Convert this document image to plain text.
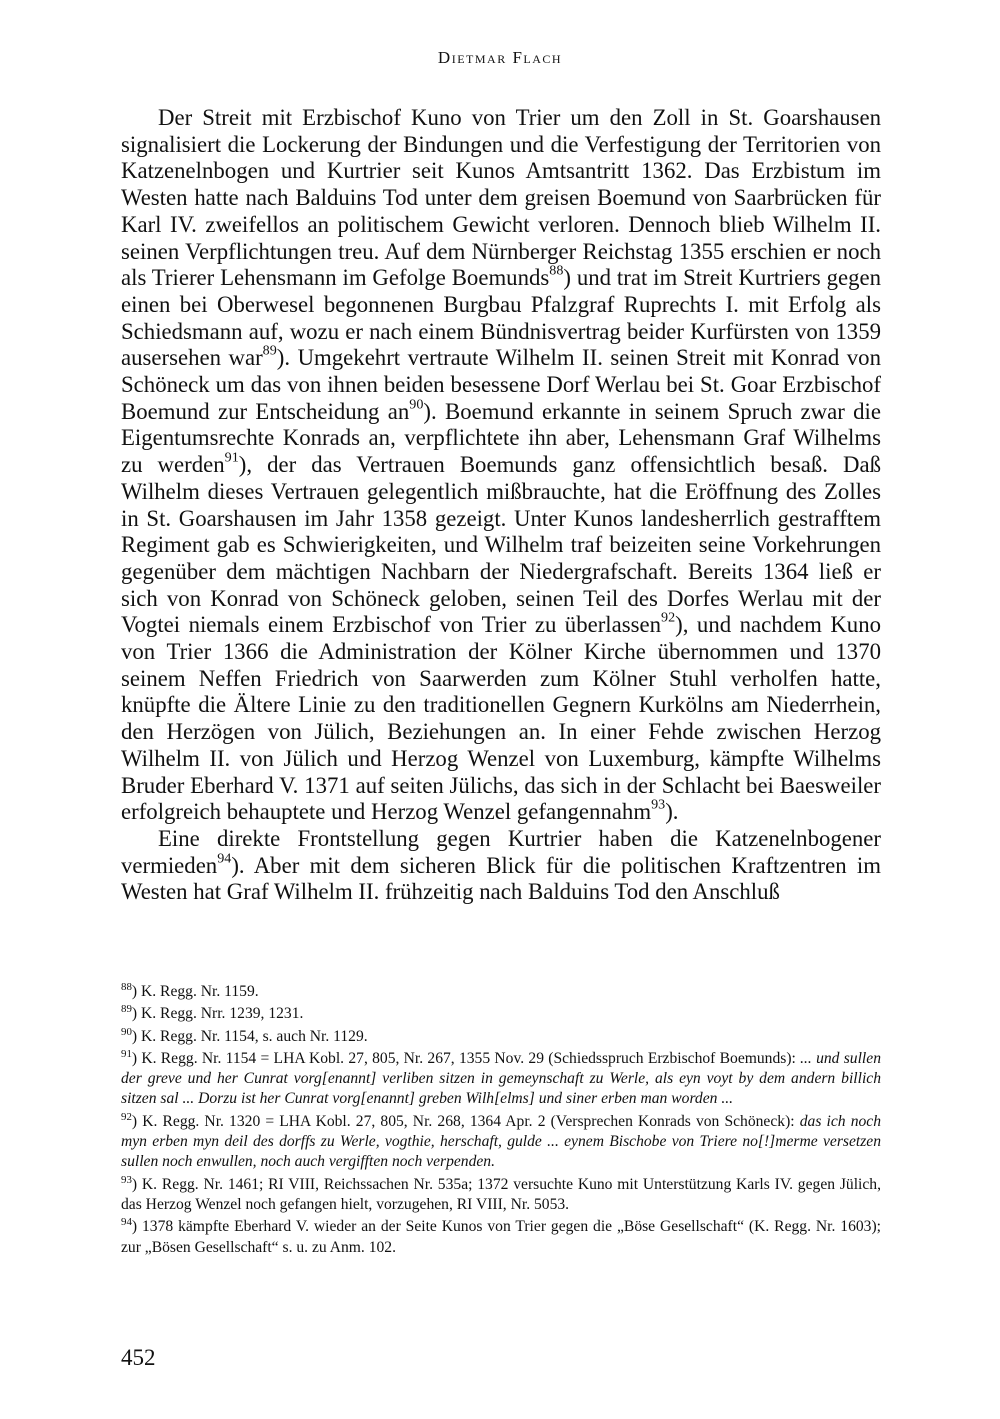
Dietmar Flach

Der Streit mit Erzbischof Kuno von Trier um den Zoll in St. Goarshausen signalisiert die Lockerung der Bindungen und die Verfestigung der Territorien von Katzenelnbogen und Kurtrier seit Kunos Amtsantritt 1362. Das Erzbistum im Westen hatte nach Balduins Tod unter dem greisen Boemund von Saarbrücken für Karl IV. zweifellos an politischem Gewicht verloren. Dennoch blieb Wilhelm II. seinen Verpflichtungen treu. Auf dem Nürnberger Reichstag 1355 erschien er noch als Trierer Lehensmann im Gefolge Boemunds$^{88}$) und trat im Streit Kurtriers gegen einen bei Oberwesel begonnenen Burgbau Pfalzgraf Ruprechts I. mit Erfolg als Schiedsmann auf, wozu er nach einem Bündnisvertrag beider Kurfürsten von 1359 ausersehen war$^{89}$). Umgekehrt vertraute Wilhelm II. seinen Streit mit Konrad von Schöneck um das von ihnen beiden besessene Dorf Werlau bei St. Goar Erzbischof Boemund zur Entscheidung $an^{90}$). Boemund erkannte in seinem Spruch zwar die Eigentumsrechte Konrads an, verpflichtete ihn aber, Lehensmann Graf Wilhelms zu werden$^{91}$), der das Vertrauen Boemunds ganz offensichtlich besaß. Daß Wilhelm dieses Vertrauen gelegentlich mißbrauchte, hat die Eröffnung des Zolles in St. Goarshausen im Jahr 1358 gezeigt. Unter Kunos landesherrlich gestrafftem Regiment gab es Schwierigkeiten, und Wilhelm traf beizeiten seine Vorkehrungen gegenüber dem mächtigen Nachbarn der Niedergrafschaft. Bereits 1364 ließ er sich von Konrad von Schöneck geloben, seinen Teil des Dorfes Werlau mit der Vogtei niemals einem Erzbischof von Trier zu überlassen$^{92}$), und nachdem Kuno von Trier 1366 die Administration der Kölner Kirche übernommen und 1370 seinem Neffen Friedrich von Saarwerden zum Kölner Stuhl verholfen hatte, knüpfte die Ältere Linie zu den traditionellen Gegnern Kurkölns am Niederrhein, den Herzögen von Jülich, Beziehungen an. In einer Fehde zwischen Herzog Wilhelm II. von Jülich und Herzog Wenzel von Luxemburg, kämpfte Wilhelms Bruder Eberhard V. 1371 auf seiten Jülichs, das sich in der Schlacht bei Baesweiler erfolgreich behauptete und Herzog Wenzel gefangennahm$^{93}$).

Eine direkte Frontstellung gegen Kurtrier haben die Katzenelnbogener vermieden$^{94}$). Aber mit dem sicheren Blick für die politischen Kraftzentren im Westen hat Graf Wilhelm II. frühzeitig nach Balduins Tod den Anschluß

$^{88}$) K. Regg. Nr. 1159.
$^{89}$) K. Regg. Nrr. 1239, 1231.
$^{90}$) K. Regg. Nr. 1154, s. auch Nr. 1129.
$^{91}$) K. Regg. Nr. 1154 = LHA Kobl. 27, 805, Nr. 267, 1355 Nov. 29 (Schiedsspruch Erzbischof Boemunds): ... und sullen der greve und her Cunrat vorg[enannt] verliben sitzen in gemeynschaft zu Werle, als eyn voyt by dem andern billich sitzen sal ... Dorzu ist her Cunrat vorg[enannt] greben Wilh[elms] und siner erben man worden ...
$^{92}$) K. Regg. Nr. 1320 = LHA Kobl. 27, 805, Nr. 268, 1364 Apr. 2 (Versprechen Konrads von Schöneck): das ich noch myn erben myn deil des dorffs zu Werle, vogthie, herschaft, gulde ... eynem Bischobe von Triere no[!]merme versetzen sullen noch enwullen, noch auch vergifften noch verpenden.
$^{93}$) K. Regg. Nr. 1461; RI VIII, Reichssachen Nr. 535a; 1372 versuchte Kuno mit Unterstützung Karls IV. gegen Jülich, das Herzog Wenzel noch gefangen hielt, vorzugehen, RI VIII, Nr. 5053.
$^{94}$) 1378 kämpfte Eberhard V. wieder an der Seite Kunos von Trier gegen die „Böse Gesellschaft“ (K. Regg. Nr. 1603); zur „Bösen Gesellschaft“ s. u. zu Anm. 102.
452
